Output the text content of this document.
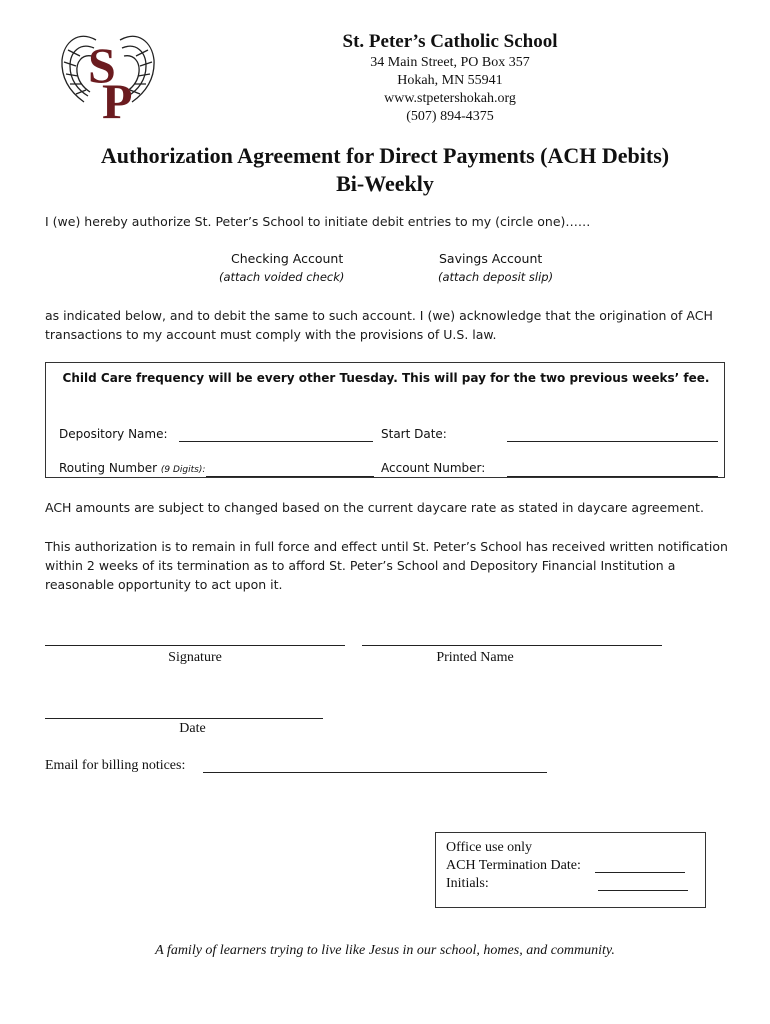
S
P
St. Peter’s Catholic School
34 Main Street, PO Box 357
Hokah, MN 55941
www.stpetershokah.org
(507) 894-4375
Authorization Agreement for Direct Payments (ACH Debits)
Bi-Weekly
I (we) hereby authorize St. Peter’s School to initiate debit entries to my (circle one)……
Checking Account
(attach voided check)
Savings Account
(attach deposit slip)
as indicated below, and to debit the same to such account. I (we) acknowledge that the origination of ACH
transactions to my account must comply with the provisions of U.S. law.
Child Care frequency will be every other Tuesday. This will pay for the two previous weeks’ fee.
Depository Name:	Start Date:
Routing Number (9 Digits):	Account Number:
ACH amounts are subject to changed based on the current daycare rate as stated in daycare agreement.
This authorization is to remain in full force and effect until St. Peter’s School has received written notification
within 2 weeks of its termination as to afford St. Peter’s School and Depository Financial Institution a
reasonable opportunity to act upon it.
Signature	Printed Name
Date
Email for billing notices:
Office use only
ACH Termination Date:
Initials:
A family of learners trying to live like Jesus in our school, homes, and community.
